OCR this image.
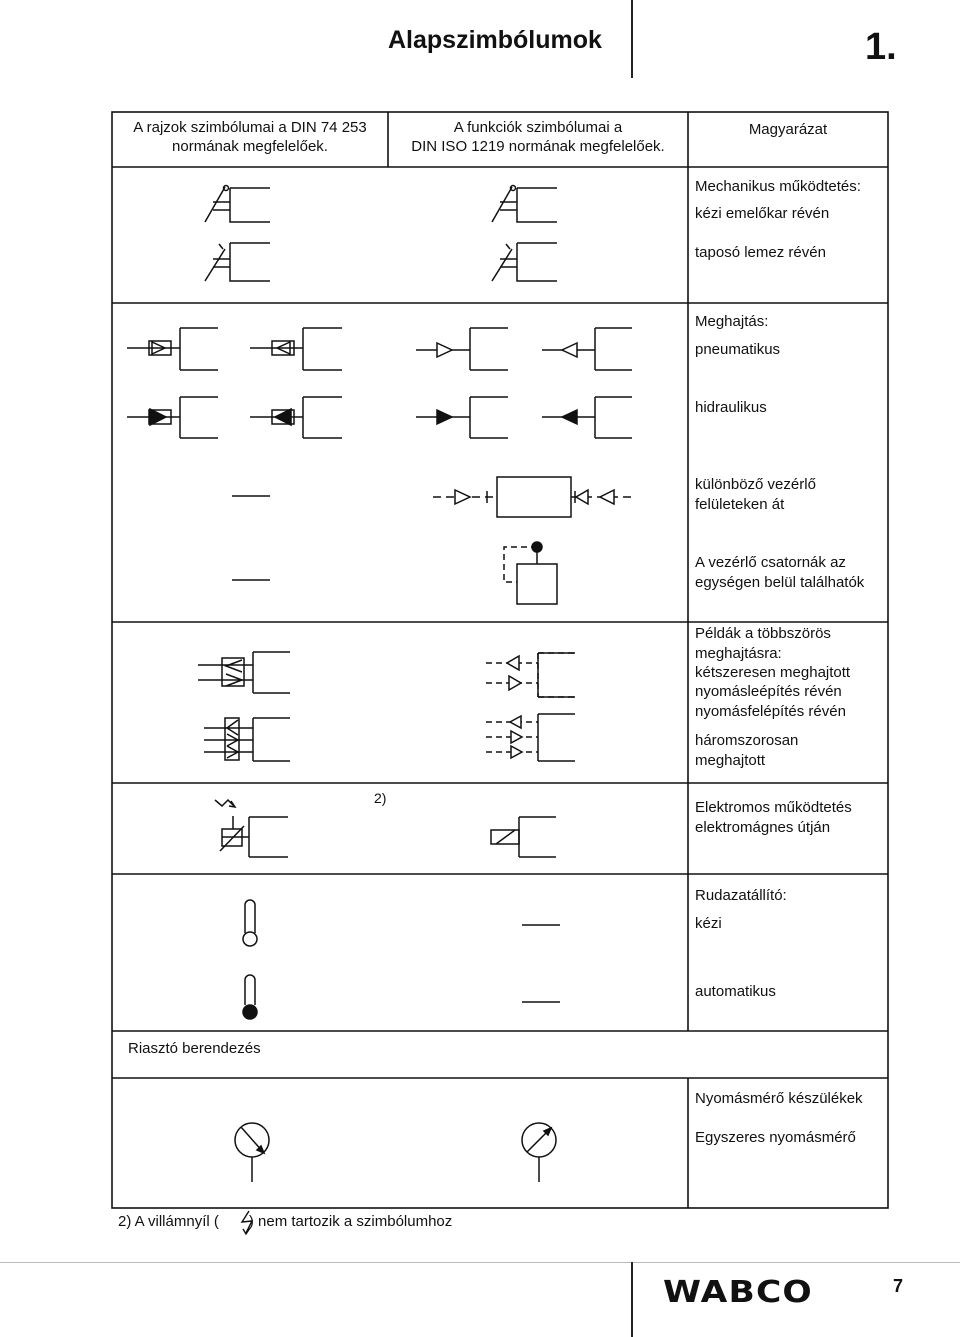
Alapszimbólumok	1.
A rajzok szimbólumai a DIN 74 253
normának megfelelőek.
A funkciók szimbólumai a
DIN ISO 1219 normának megfelelőek.
Magyarázat
Mechanikus működtetés:
kézi emelőkar révén
taposó lemez révén
Meghajtás:
pneumatikus
hidraulikus
különböző vezérlő
felületeken át
A vezérlő csatornák az
egységen belül találhatók
Példák a többszörös
meghajtásra:
kétszeresen meghajtott
nyomásleépítés révén
nyomásfelépítés révén
háromszorosan
meghajtott
2)
Elektromos működtetés
elektromágnes útján
Rudazatállító:
kézi
automatikus
Riasztó berendezés
Nyomásmérő készülékek
Egyszeres nyomásmérő
2) A villámnyíl ( ) nem tartozik a szimbólumhoz
WABCO	7
